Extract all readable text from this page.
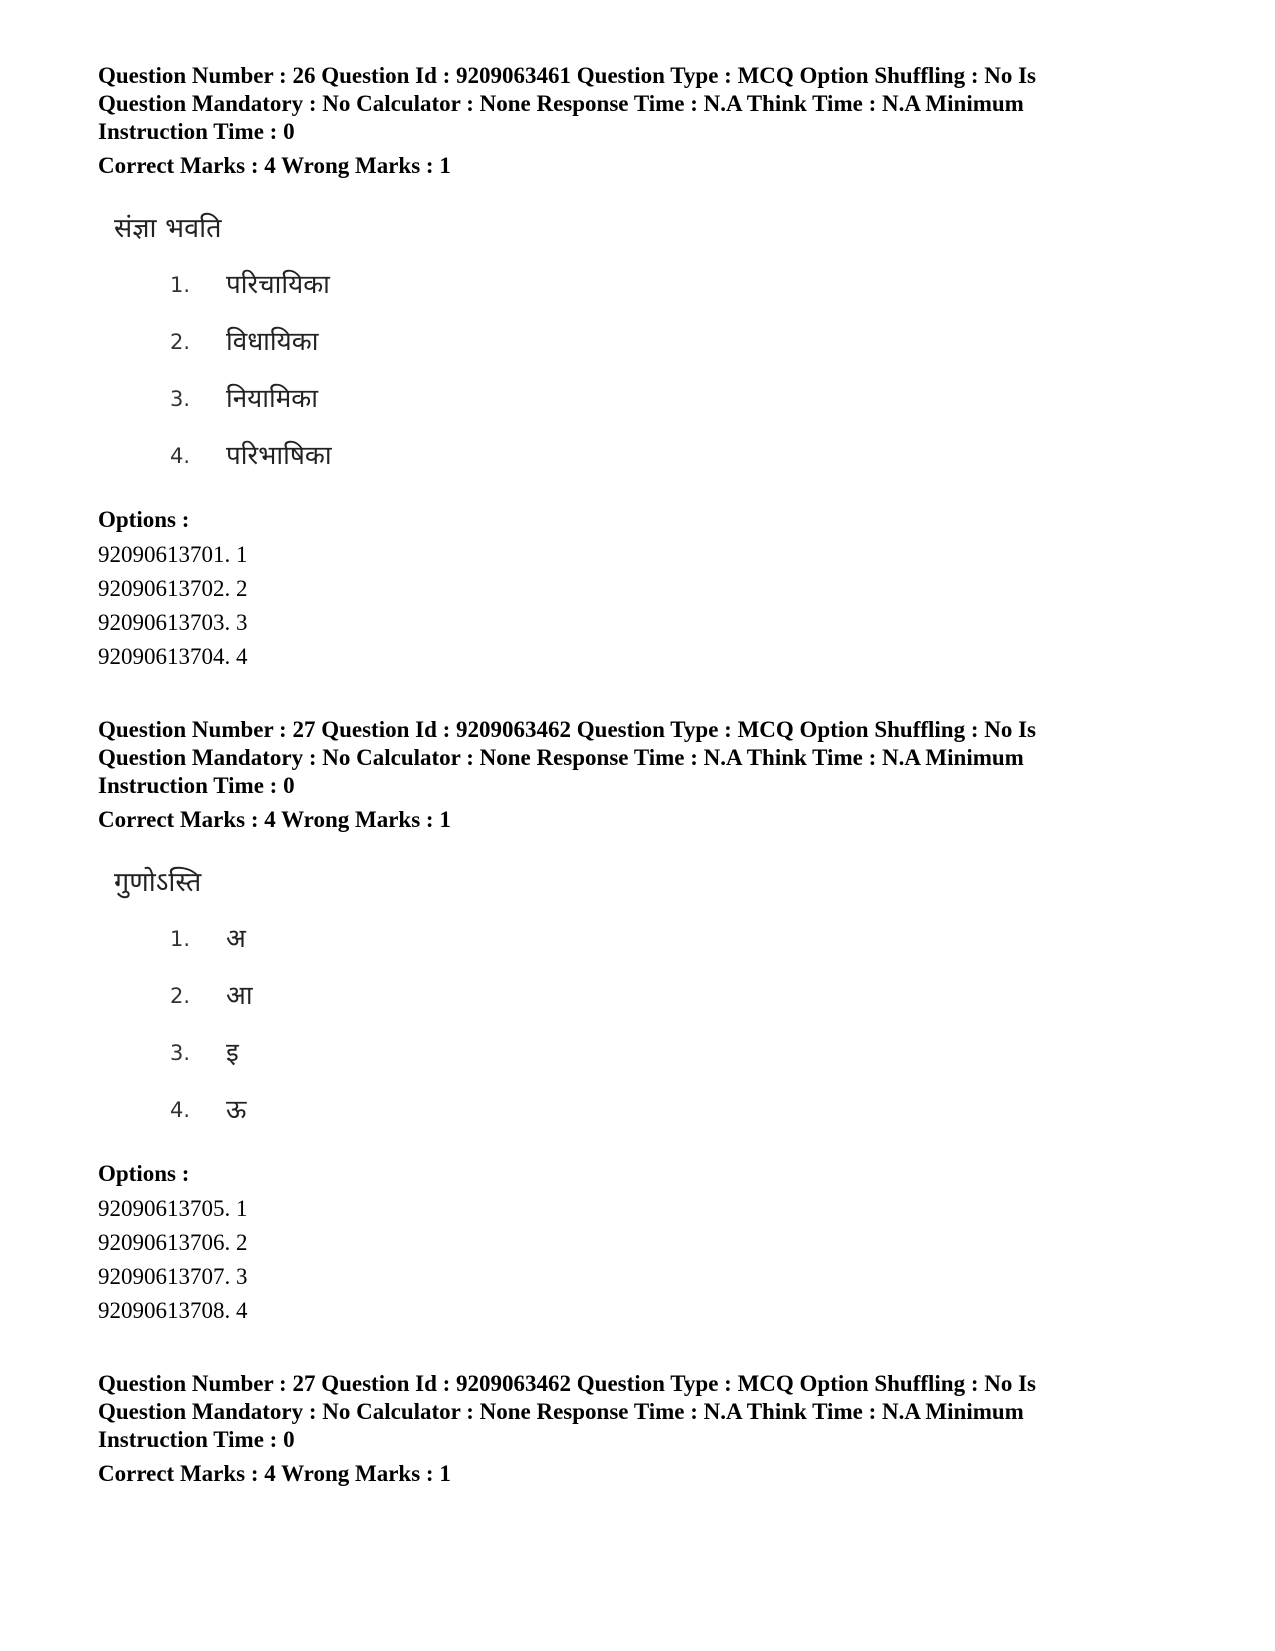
Question Number : 26 Question Id : 9209063461 Question Type : MCQ Option Shuffling : No Is
Question Mandatory : No Calculator : None Response Time : N.A Think Time : N.A Minimum
Instruction Time : 0

Correct Marks : 4 Wrong Marks : 1
संज्ञा भवति
1.	परिचायिका
2.	विधायिका
3.	नियामिका
4.	परिभाषिका
Options :
92090613701. 1
92090613702. 2
92090613703. 3
92090613704. 4

Question Number : 27 Question Id : 9209063462 Question Type : MCQ Option Shuffling : No Is
Question Mandatory : No Calculator : None Response Time : N.A Think Time : N.A Minimum
Instruction Time : 0

Correct Marks : 4 Wrong Marks : 1
गुणोऽस्ति
1.	अ
2.	आ
3.	इ
4.	ऊ
Options :
92090613705. 1
92090613706. 2
92090613707. 3
92090613708. 4

Question Number : 27 Question Id : 9209063462 Question Type : MCQ Option Shuffling : No Is
Question Mandatory : No Calculator : None Response Time : N.A Think Time : N.A Minimum
Instruction Time : 0

Correct Marks : 4 Wrong Marks : 1
